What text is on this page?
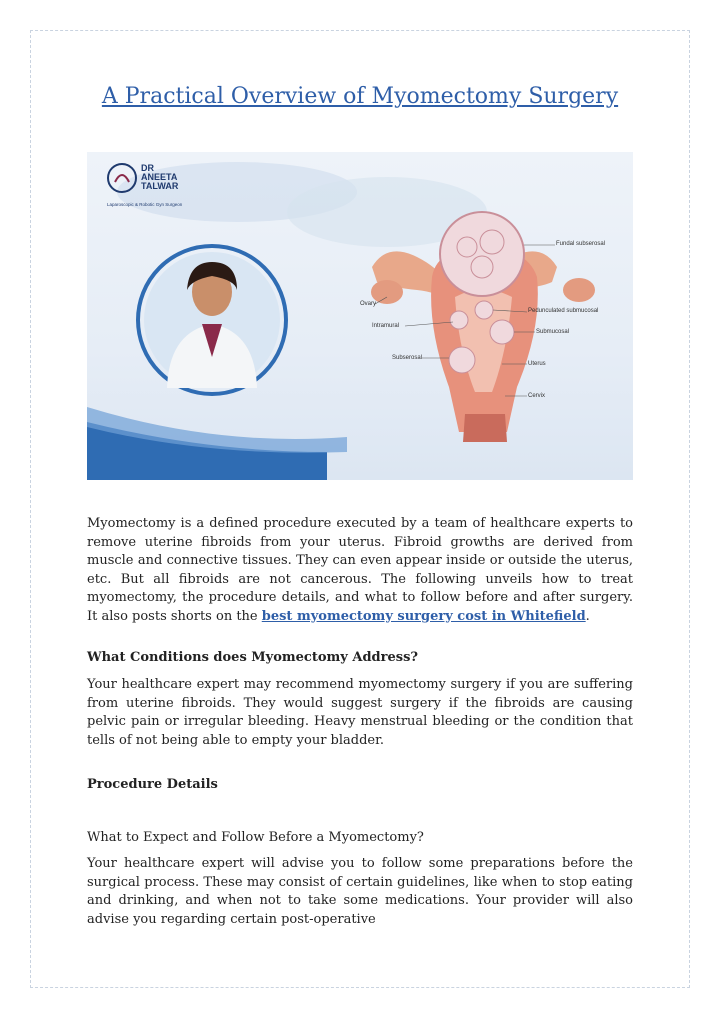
A Practical Overview of Myomectomy Surgery
DR
ANEETA
TALWAR
Laparoscopic & Robotic Gyn Surgeon
Fundal subserosal
Pedunculated submucosal
Ovary
Intramural
Submucosal
Subserosal
Uterus
Cervix

Myomectomy is a defined procedure executed by a team of healthcare experts to remove uterine fibroids from your uterus. Fibroid growths are derived from muscle and connective tissues. They can even appear inside or outside the uterus, etc. But all fibroids are not cancerous. The following unveils how to treat myomectomy, the procedure details, and what to follow before and after surgery. It also posts shorts on the best myomectomy surgery cost in Whitefield.

What Conditions does Myomectomy Address?

Your healthcare expert may recommend myomectomy surgery if you are suffering from uterine fibroids. They would suggest surgery if the fibroids are causing pelvic pain or irregular bleeding. Heavy menstrual bleeding or the condition that tells of not being able to empty your bladder.

Procedure Details

What to Expect and Follow Before a Myomectomy?

Your healthcare expert will advise you to follow some preparations before the surgical process. These may consist of certain guidelines, like when to stop eating and drinking, and when not to take some medications. Your provider will also advise you regarding certain post-operative
